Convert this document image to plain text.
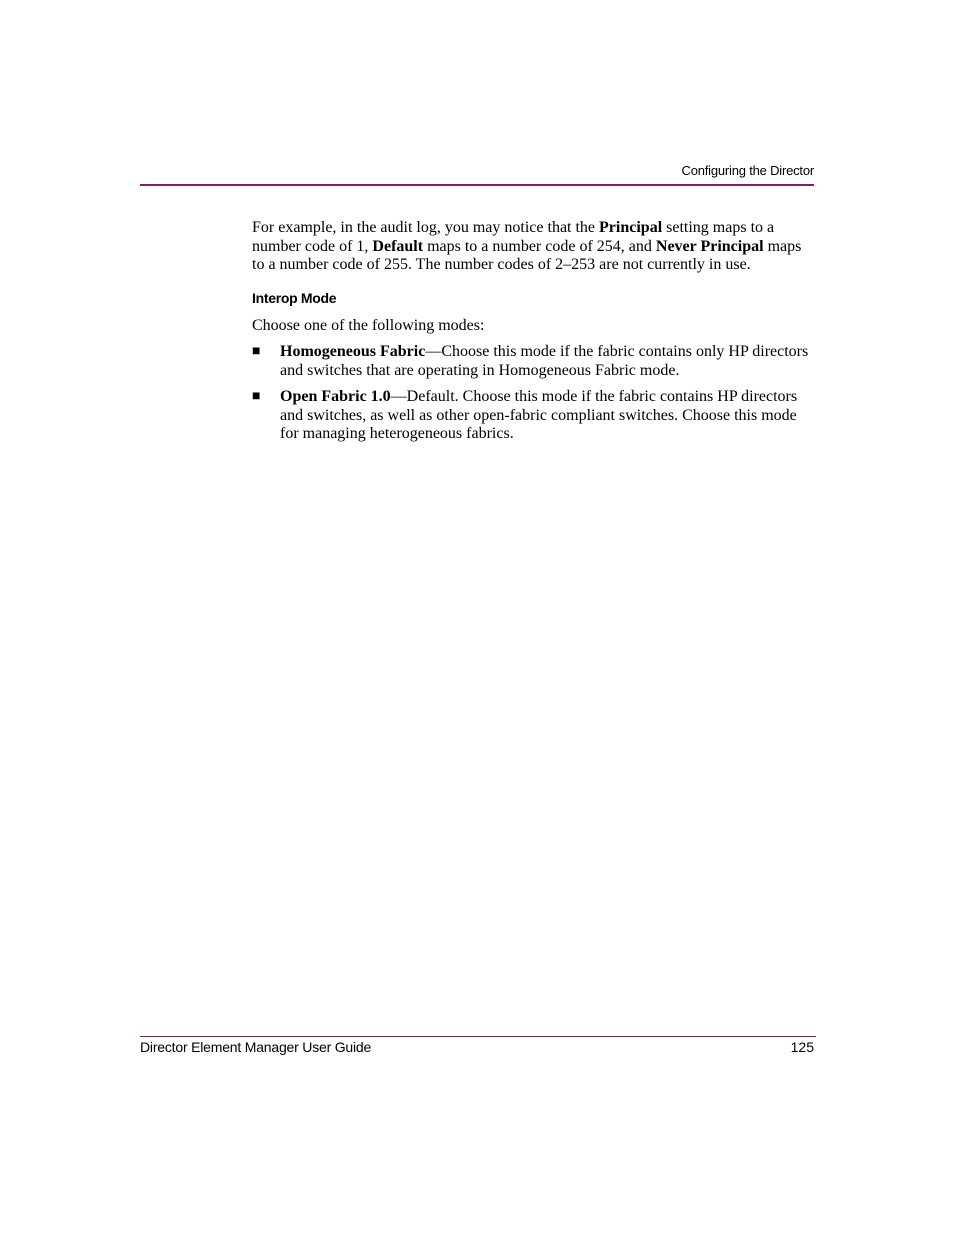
Configuring the Director

For example, in the audit log, you may notice that the Principal setting maps to a number code of 1, Default maps to a number code of 254, and Never Principal maps to a number code of 255. The number codes of 2–253 are not currently in use.

Interop Mode

Choose one of the following modes:

■ Homogeneous Fabric—Choose this mode if the fabric contains only HP directors and switches that are operating in Homogeneous Fabric mode.
■ Open Fabric 1.0—Default. Choose this mode if the fabric contains HP directors and switches, as well as other open-fabric compliant switches. Choose this mode for managing heterogeneous fabrics.
Director Element Manager User Guide	125
